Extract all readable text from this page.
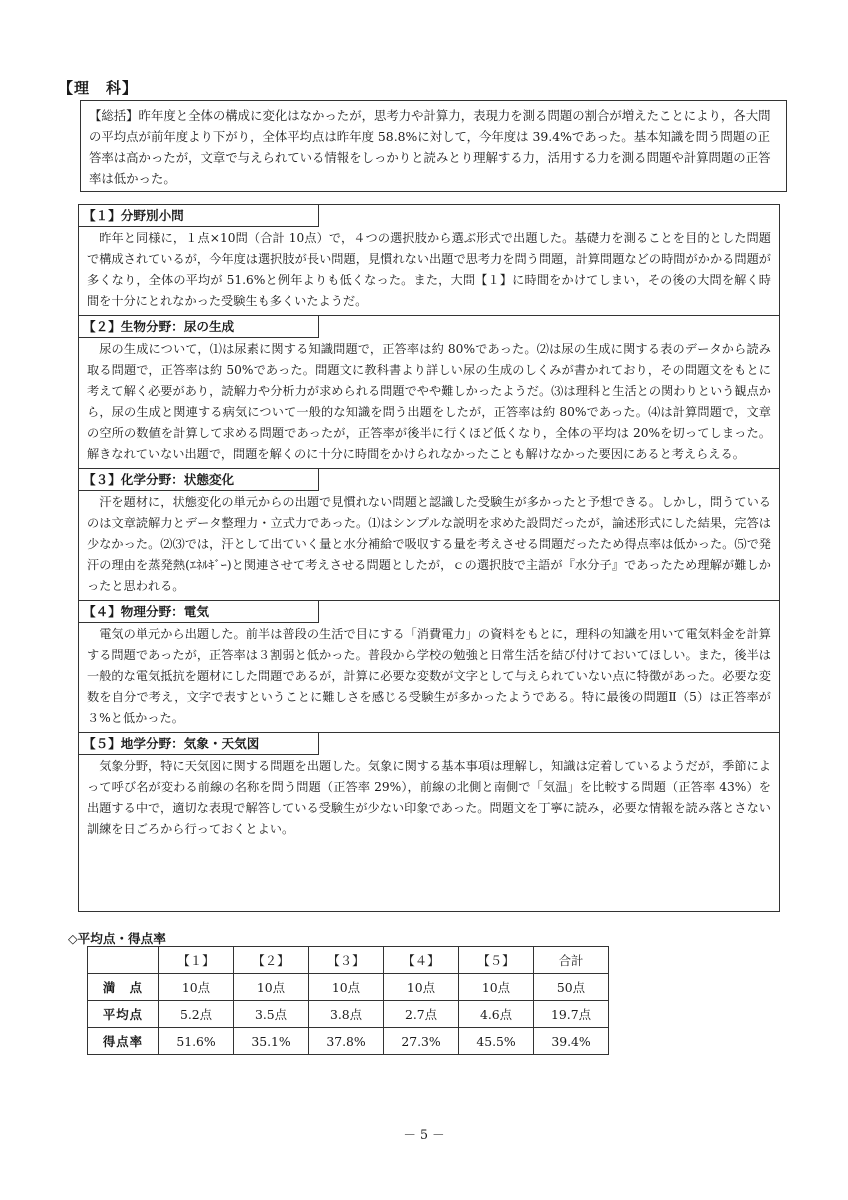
【理　科】
【総括】昨年度と全体の構成に変化はなかったが，思考力や計算力，表現力を測る問題の割合が増えたことにより，各大問の平均点が前年度より下がり，全体平均点は昨年度 58.8%に対して，今年度は 39.4%であった。基本知識を問う問題の正答率は高かったが，文章で与えられている情報をしっかりと読みとり理解する力，活用する力を測る問題や計算問題の正答率は低かった。
【１】分野別小問
昨年と同様に，１点×10問（合計 10点）で，４つの選択肢から選ぶ形式で出題した。基礎力を測ることを目的とした問題で構成されているが，今年度は選択肢が長い問題，見慣れない出題で思考力を問う問題，計算問題などの時間がかかる問題が多くなり，全体の平均が 51.6%と例年よりも低くなった。また，大問【１】に時間をかけてしまい，その後の大問を解く時間を十分にとれなかった受験生も多くいたようだ。
【２】生物分野：尿の生成
尿の生成について，⑴は尿素に関する知識問題で，正答率は約 80%であった。⑵は尿の生成に関する表のデータから読み取る問題で，正答率は約 50%であった。問題文に教科書より詳しい尿の生成のしくみが書かれており，その問題文をもとに考えて解く必要があり，読解力や分析力が求められる問題でやや難しかったようだ。⑶は理科と生活との関わりという観点から，尿の生成と関連する病気について一般的な知識を問う出題をしたが，正答率は約 80%であった。⑷は計算問題で，文章の空所の数値を計算して求める問題であったが，正答率が後半に行くほど低くなり，全体の平均は 20%を切ってしまった。解きなれていない出題で，問題を解くのに十分に時間をかけられなかったことも解けなかった要因にあると考えらえる。
【３】化学分野：状態変化
汗を題材に，状態変化の単元からの出題で見慣れない問題と認識した受験生が多かったと予想できる。しかし，問うているのは文章読解力とデータ整理力・立式力であった。⑴はシンプルな説明を求めた設問だったが，論述形式にした結果，完答は少なかった。⑵⑶では，汗として出ていく量と水分補給で吸収する量を考えさせる問題だったため得点率は低かった。⑸で発汗の理由を蒸発熱(ｴﾈﾙｷﾞｰ)と関連させて考えさせる問題としたが，ｃの選択肢で主語が『水分子』であったため理解が難しかったと思われる。
【４】物理分野：電気
電気の単元から出題した。前半は普段の生活で目にする「消費電力」の資料をもとに，理科の知識を用いて電気料金を計算する問題であったが，正答率は３割弱と低かった。普段から学校の勉強と日常生活を結び付けておいてほしい。また，後半は一般的な電気抵抗を題材にした問題であるが，計算に必要な変数が文字として与えられていない点に特徴があった。必要な変数を自分で考え，文字で表すということに難しさを感じる受験生が多かったようである。特に最後の問題Ⅱ（5）は正答率が３%と低かった。
【５】地学分野：気象・天気図
気象分野，特に天気図に関する問題を出題した。気象に関する基本事項は理解し，知識は定着しているようだが，季節によって呼び名が変わる前線の名称を問う問題（正答率 29%），前線の北側と南側で「気温」を比較する問題（正答率 43%）を出題する中で，適切な表現で解答している受験生が少ない印象であった。問題文を丁寧に読み，必要な情報を読み落とさない訓練を日ごろから行っておくとよい。
◇平均点・得点率
	【１】	【２】	【３】	【４】	【５】	合計
満　点	10点	10点	10点	10点	10点	50点
平均点	5.2点	3.5点	3.8点	2.7点	4.6点	19.7点
得点率	51.6%	35.1%	37.8%	27.3%	45.5%	39.4%
－ 5 －
